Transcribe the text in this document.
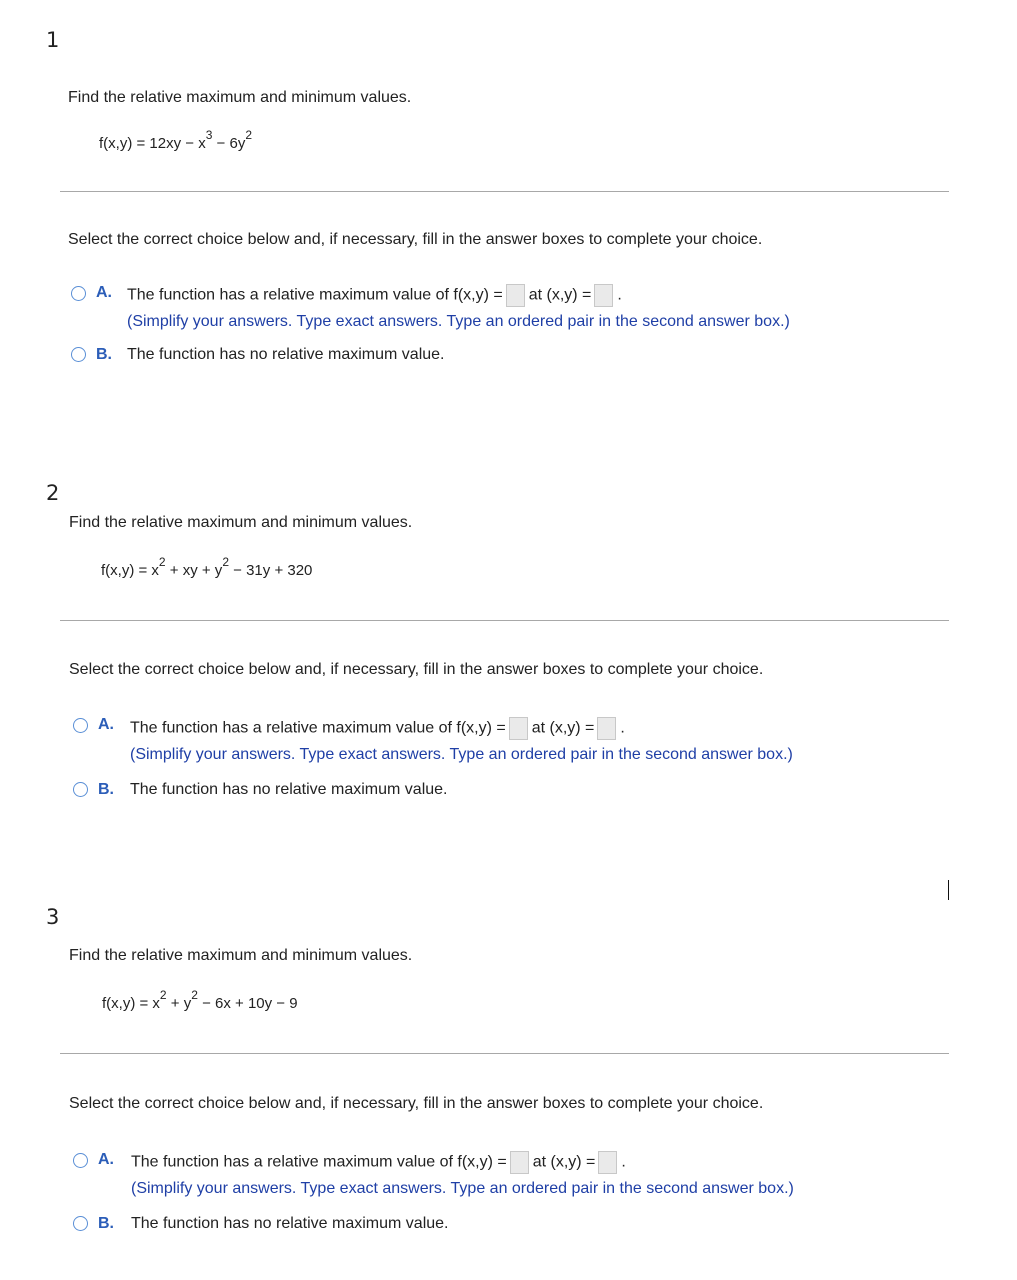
1
Find the relative maximum and minimum values.
$f(x,y) = 12xy - x^3 - 6y^2$
Select the correct choice below and, if necessary, fill in the answer boxes to complete your choice.
A. The function has a relative maximum value of f(x,y) = at (x,y) = .
(Simplify your answers. Type exact answers. Type an ordered pair in the second answer box.)
B. The function has no relative maximum value.
2
Find the relative maximum and minimum values.
$f(x,y) = x^2$ + xy + $y^2 - 31y + 320$
Select the correct choice below and, if necessary, fill in the answer boxes to complete your choice.
A. The function has a relative maximum value of f(x,y) = at (x,y) = .
(Simplify your answers. Type exact answers. Type an ordered pair in the second answer box.)
B. The function has no relative maximum value.
3
Find the relative maximum and minimum values.
$f(x,y) = x^2 + y^2 - 6x + 10y - 9$
Select the correct choice below and, if necessary, fill in the answer boxes to complete your choice.
A. The function has a relative maximum value of f(x,y) = at (x,y) = .
(Simplify your answers. Type exact answers. Type an ordered pair in the second answer box.)
B. The function has no relative maximum value.
